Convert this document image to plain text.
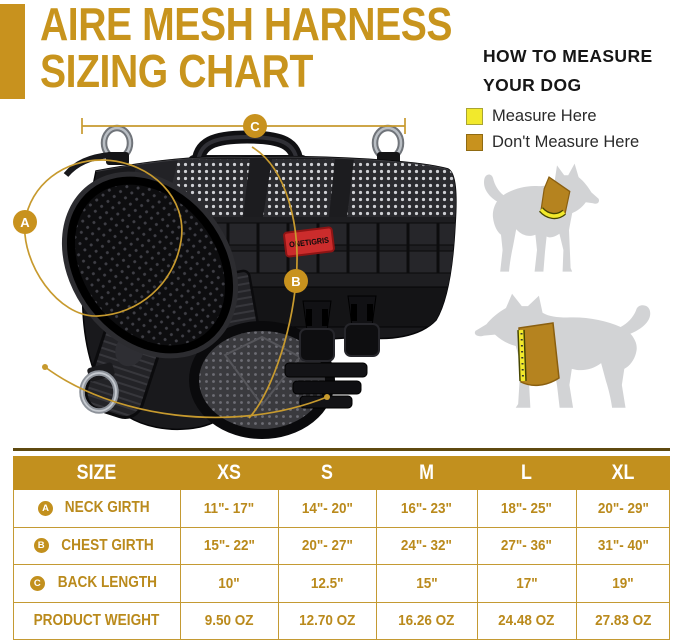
AIRE MESH HARNESS
SIZING CHART	HOW TO MEASURE
YOUR DOG
Measure Here
Don't Measure Here
ONETIGRIS
C
A
B
SIZE	XS	S	M	L	XL
A NECK GIRTH	11"- 17"	14"- 20"	16"- 23"	18"- 25"	20"- 29"
B CHEST GIRTH	15"- 22"	20"- 27"	24"- 32"	27"- 36"	31"- 40"
C BACK LENGTH	10"	12.5"	15"	17"	19"
PRODUCT WEIGHT	9.50 OZ	12.70 OZ	16.26 OZ	24.48 OZ	27.83 OZ
